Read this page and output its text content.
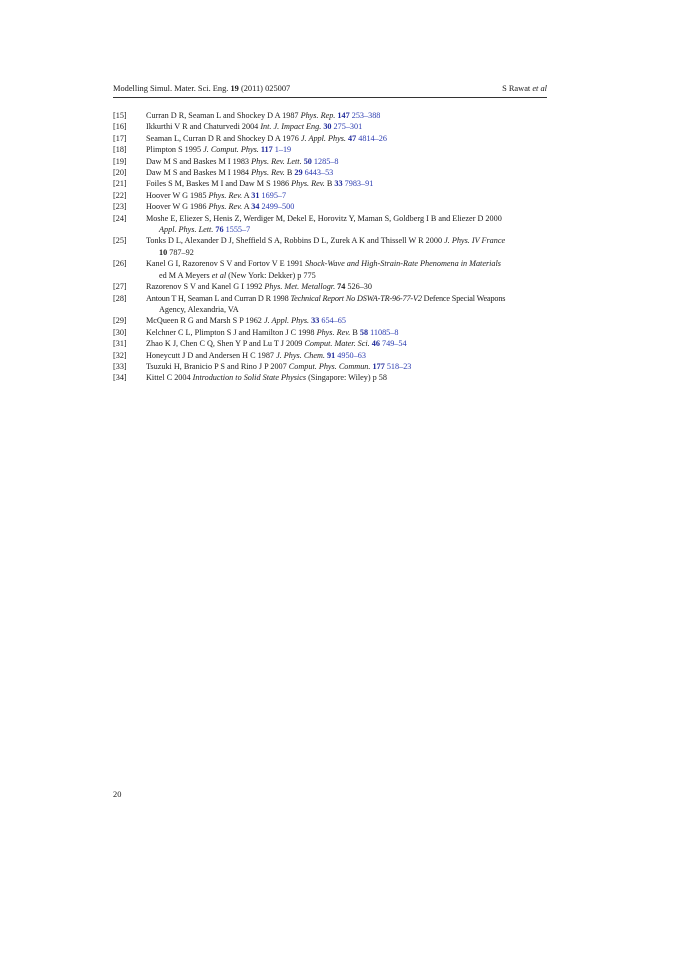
Modelling Simul. Mater. Sci. Eng. 19 (2011) 025007	S Rawat et al

[15]	Curran D R, Seaman L and Shockey D A 1987 Phys. Rep. 147 253–388

[16]	Ikkurthi V R and Chaturvedi 2004 Int. J. Impact Eng. 30 275–301

[17]	Seaman L, Curran D R and Shockey D A 1976 J. Appl. Phys. 47 4814–26

[18]	Plimpton S 1995 J. Comput. Phys. 117 1–19

[19]	Daw M S and Baskes M I 1983 Phys. Rev. Lett. 50 1285–8

[20]	Daw M S and Baskes M I 1984 Phys. Rev. B 29 6443–53

[21]	Foiles S M, Baskes M I and Daw M S 1986 Phys. Rev. B 33 7983–91

[22]	Hoover W G 1985 Phys. Rev. A 31 1695–7

[23]	Hoover W G 1986 Phys. Rev. A 34 2499–500

[24]	Moshe E, Eliezer S, Henis Z, Werdiger M, Dekel E, Horovitz Y, Maman S, Goldberg I B and Eliezer D 2000
Appl. Phys. Lett. 76 1555–7

[25]	Tonks D L, Alexander D J, Sheffield S A, Robbins D L, Zurek A K and Thissell W R 2000 J. Phys. IV France
10 787–92

[26]	Kanel G I, Razorenov S V and Fortov V E 1991 Shock-Wave and High-Strain-Rate Phenomena in Materials
ed M A Meyers et al (New York: Dekker) p 775

[27]	Razorenov S V and Kanel G I 1992 Phys. Met. Metallogr. 74 526–30

[28]	Antoun T H, Seaman L and Curran D R 1998 Technical Report No DSWA-TR-96-77-V2 Defence Special Weapons
Agency, Alexandria, VA

[29]	McQueen R G and Marsh S P 1962 J. Appl. Phys. 33 654–65

[30]	Kelchner C L, Plimpton S J and Hamilton J C 1998 Phys. Rev. B 58 11085–8

[31]	Zhao K J, Chen C Q, Shen Y P and Lu T J 2009 Comput. Mater. Sci. 46 749–54

[32]	Honeycutt J D and Andersen H C 1987 J. Phys. Chem. 91 4950–63

[33]	Tsuzuki H, Branicio P S and Rino J P 2007 Comput. Phys. Commun. 177 518–23

[34]	Kittel C 2004 Introduction to Solid State Physics (Singapore: Wiley) p 58

20
